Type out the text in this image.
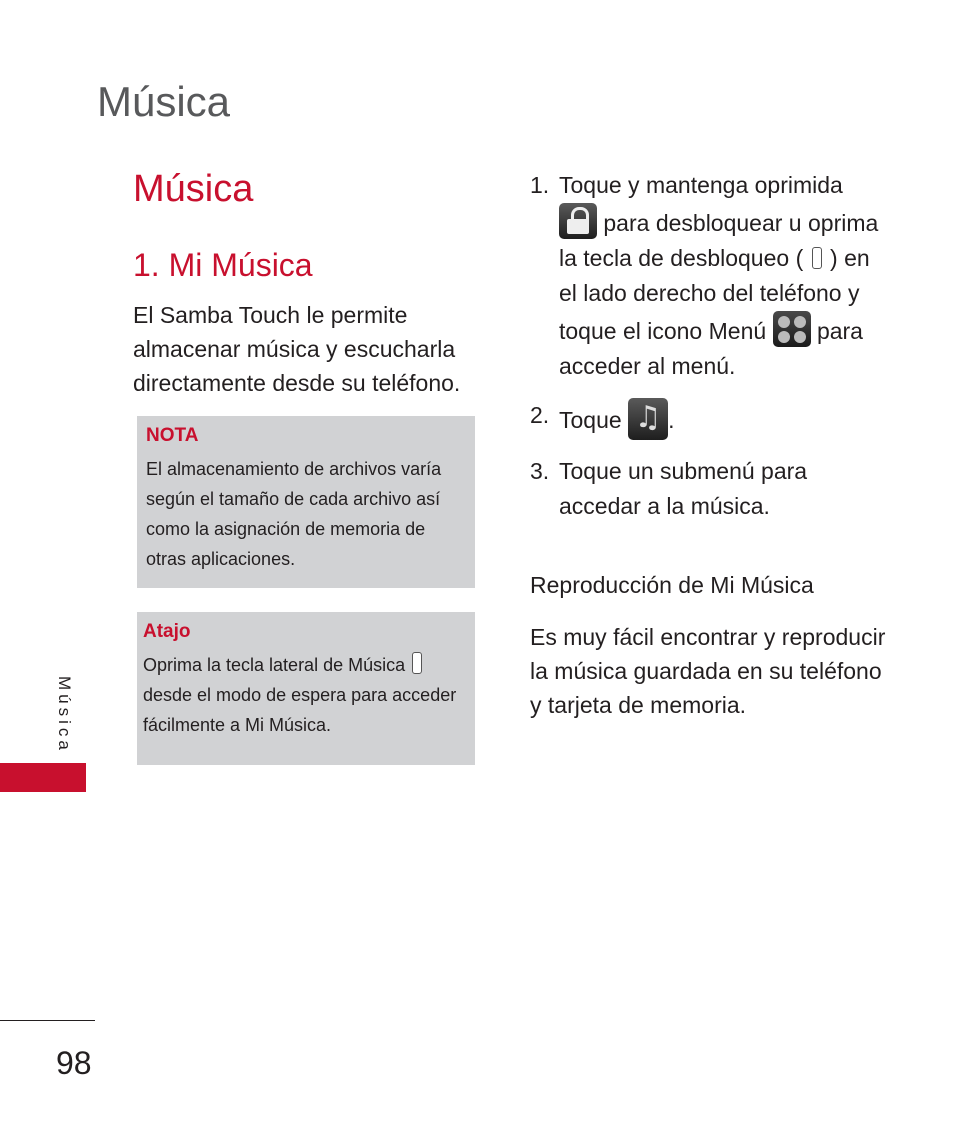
Música
Música
1. Mi Música

El Samba Touch le permite almacenar música y escucharla directamente desde su teléfono.

NOTA

El almacenamiento de archivos varía según el tamaño de cada archivo así como la asignación de memoria de otras aplicaciones.

Atajo

Oprima la tecla lateral de Música  desde el modo de espera para acceder fácilmente a Mi Música.

1. Toque y mantenga oprimida
para desbloquear u oprima la tecla de desbloqueo ( ) en el lado derecho del teléfono y toque el icono Menú para acceder al menú.
2. Toque ♫ .
3. Toque un submenú para accedar a la música.
Reproducción de Mi Música

Es muy fácil encontrar y reproducir la música guardada en su teléfono y tarjeta de memoria.

Música
98
